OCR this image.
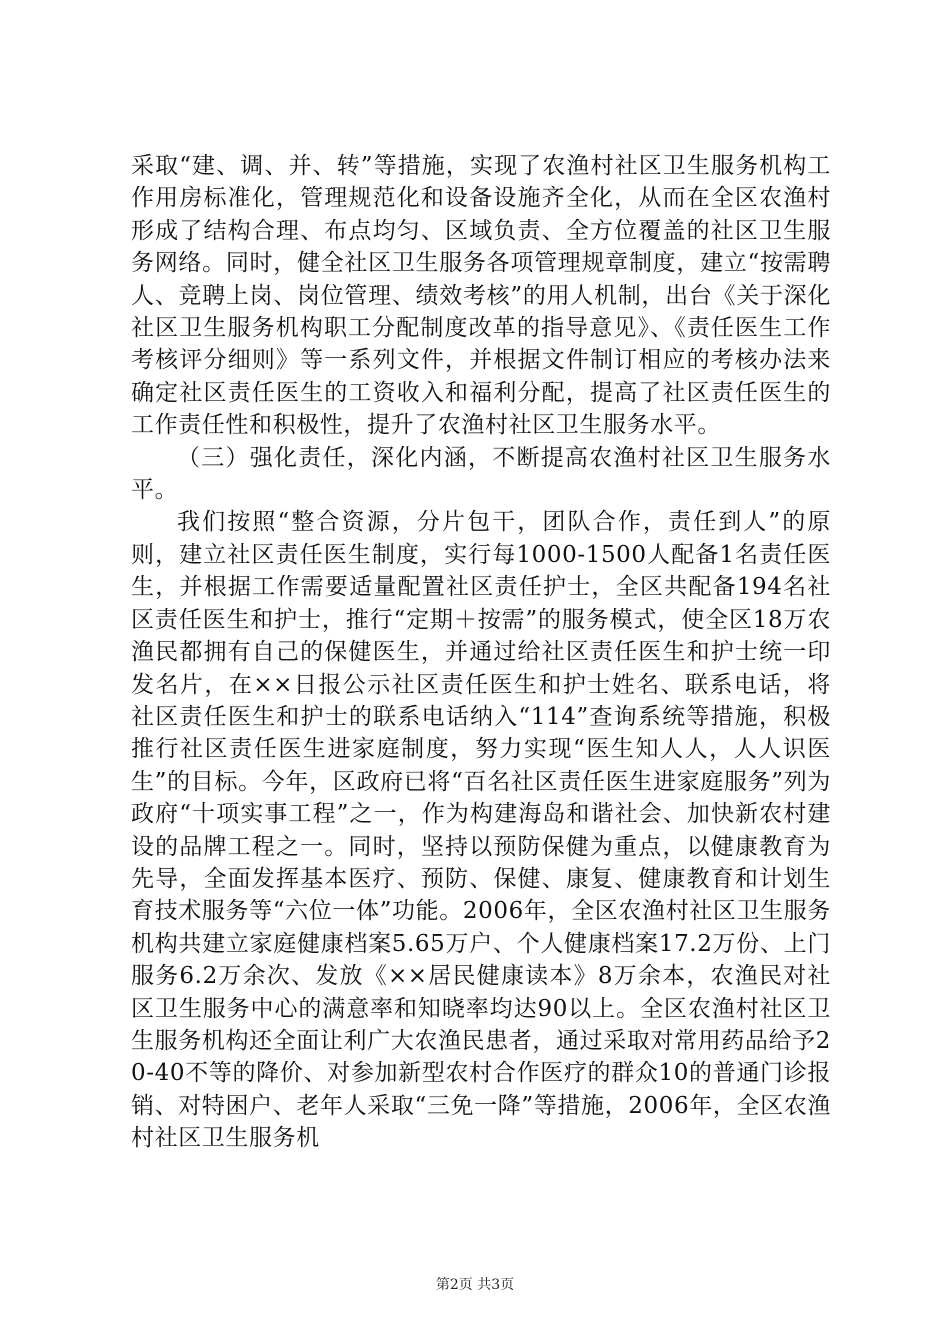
采取“建、调、并、转”等措施，实现了农渔村社区卫生服务机构工作用房标准化，管理规范化和设备设施齐全化，从而在全区农渔村形成了结构合理、布点均匀、区域负责、全方位覆盖的社区卫生服务网络。同时，健全社区卫生服务各项管理规章制度，建立“按需聘人、竞聘上岗、岗位管理、绩效考核”的用人机制，出台《关于深化社区卫生服务机构职工分配制度改革的指导意见》、《责任医生工作考核评分细则》等一系列文件，并根据文件制订相应的考核办法来确定社区责任医生的工资收入和福利分配，提高了社区责任医生的工作责任性和积极性，提升了农渔村社区卫生服务水平。

（三）强化责任，深化内涵，不断提高农渔村社区卫生服务水平。

我们按照“整合资源，分片包干，团队合作，责任到人”的原则，建立社区责任医生制度，实行每1000-1500人配备1名责任医生，并根据工作需要适量配置社区责任护士，全区共配备194名社区责任医生和护士，推行“定期＋按需”的服务模式，使全区18万农渔民都拥有自己的保健医生，并通过给社区责任医生和护士统一印发名片，在××日报公示社区责任医生和护士姓名、联系电话，将社区责任医生和护士的联系电话纳入“114”查询系统等措施，积极推行社区责任医生进家庭制度，努力实现“医生知人人，人人识医生”的目标。今年，区政府已将“百名社区责任医生进家庭服务”列为政府“十项实事工程”之一，作为构建海岛和谐社会、加快新农村建设的品牌工程之一。同时，坚持以预防保健为重点，以健康教育为先导，全面发挥基本医疗、预防、保健、康复、健康教育和计划生育技术服务等“六位一体”功能。2006年，全区农渔村社区卫生服务机构共建立家庭健康档案5.65万户、个人健康档案17.2万份、上门服务6.2万余次、发放《××居民健康读本》8万余本，农渔民对社区卫生服务中心的满意率和知晓率均达90以上。全区农渔村社区卫生服务机构还全面让利广大农渔民患者，通过采取对常用药品给予20-40不等的降价、对参加新型农村合作医疗的群众10的普通门诊报销、对特困户、老年人采取“三免一降”等措施，2006年，全区农渔村社区卫生服务机

第2页 共3页
